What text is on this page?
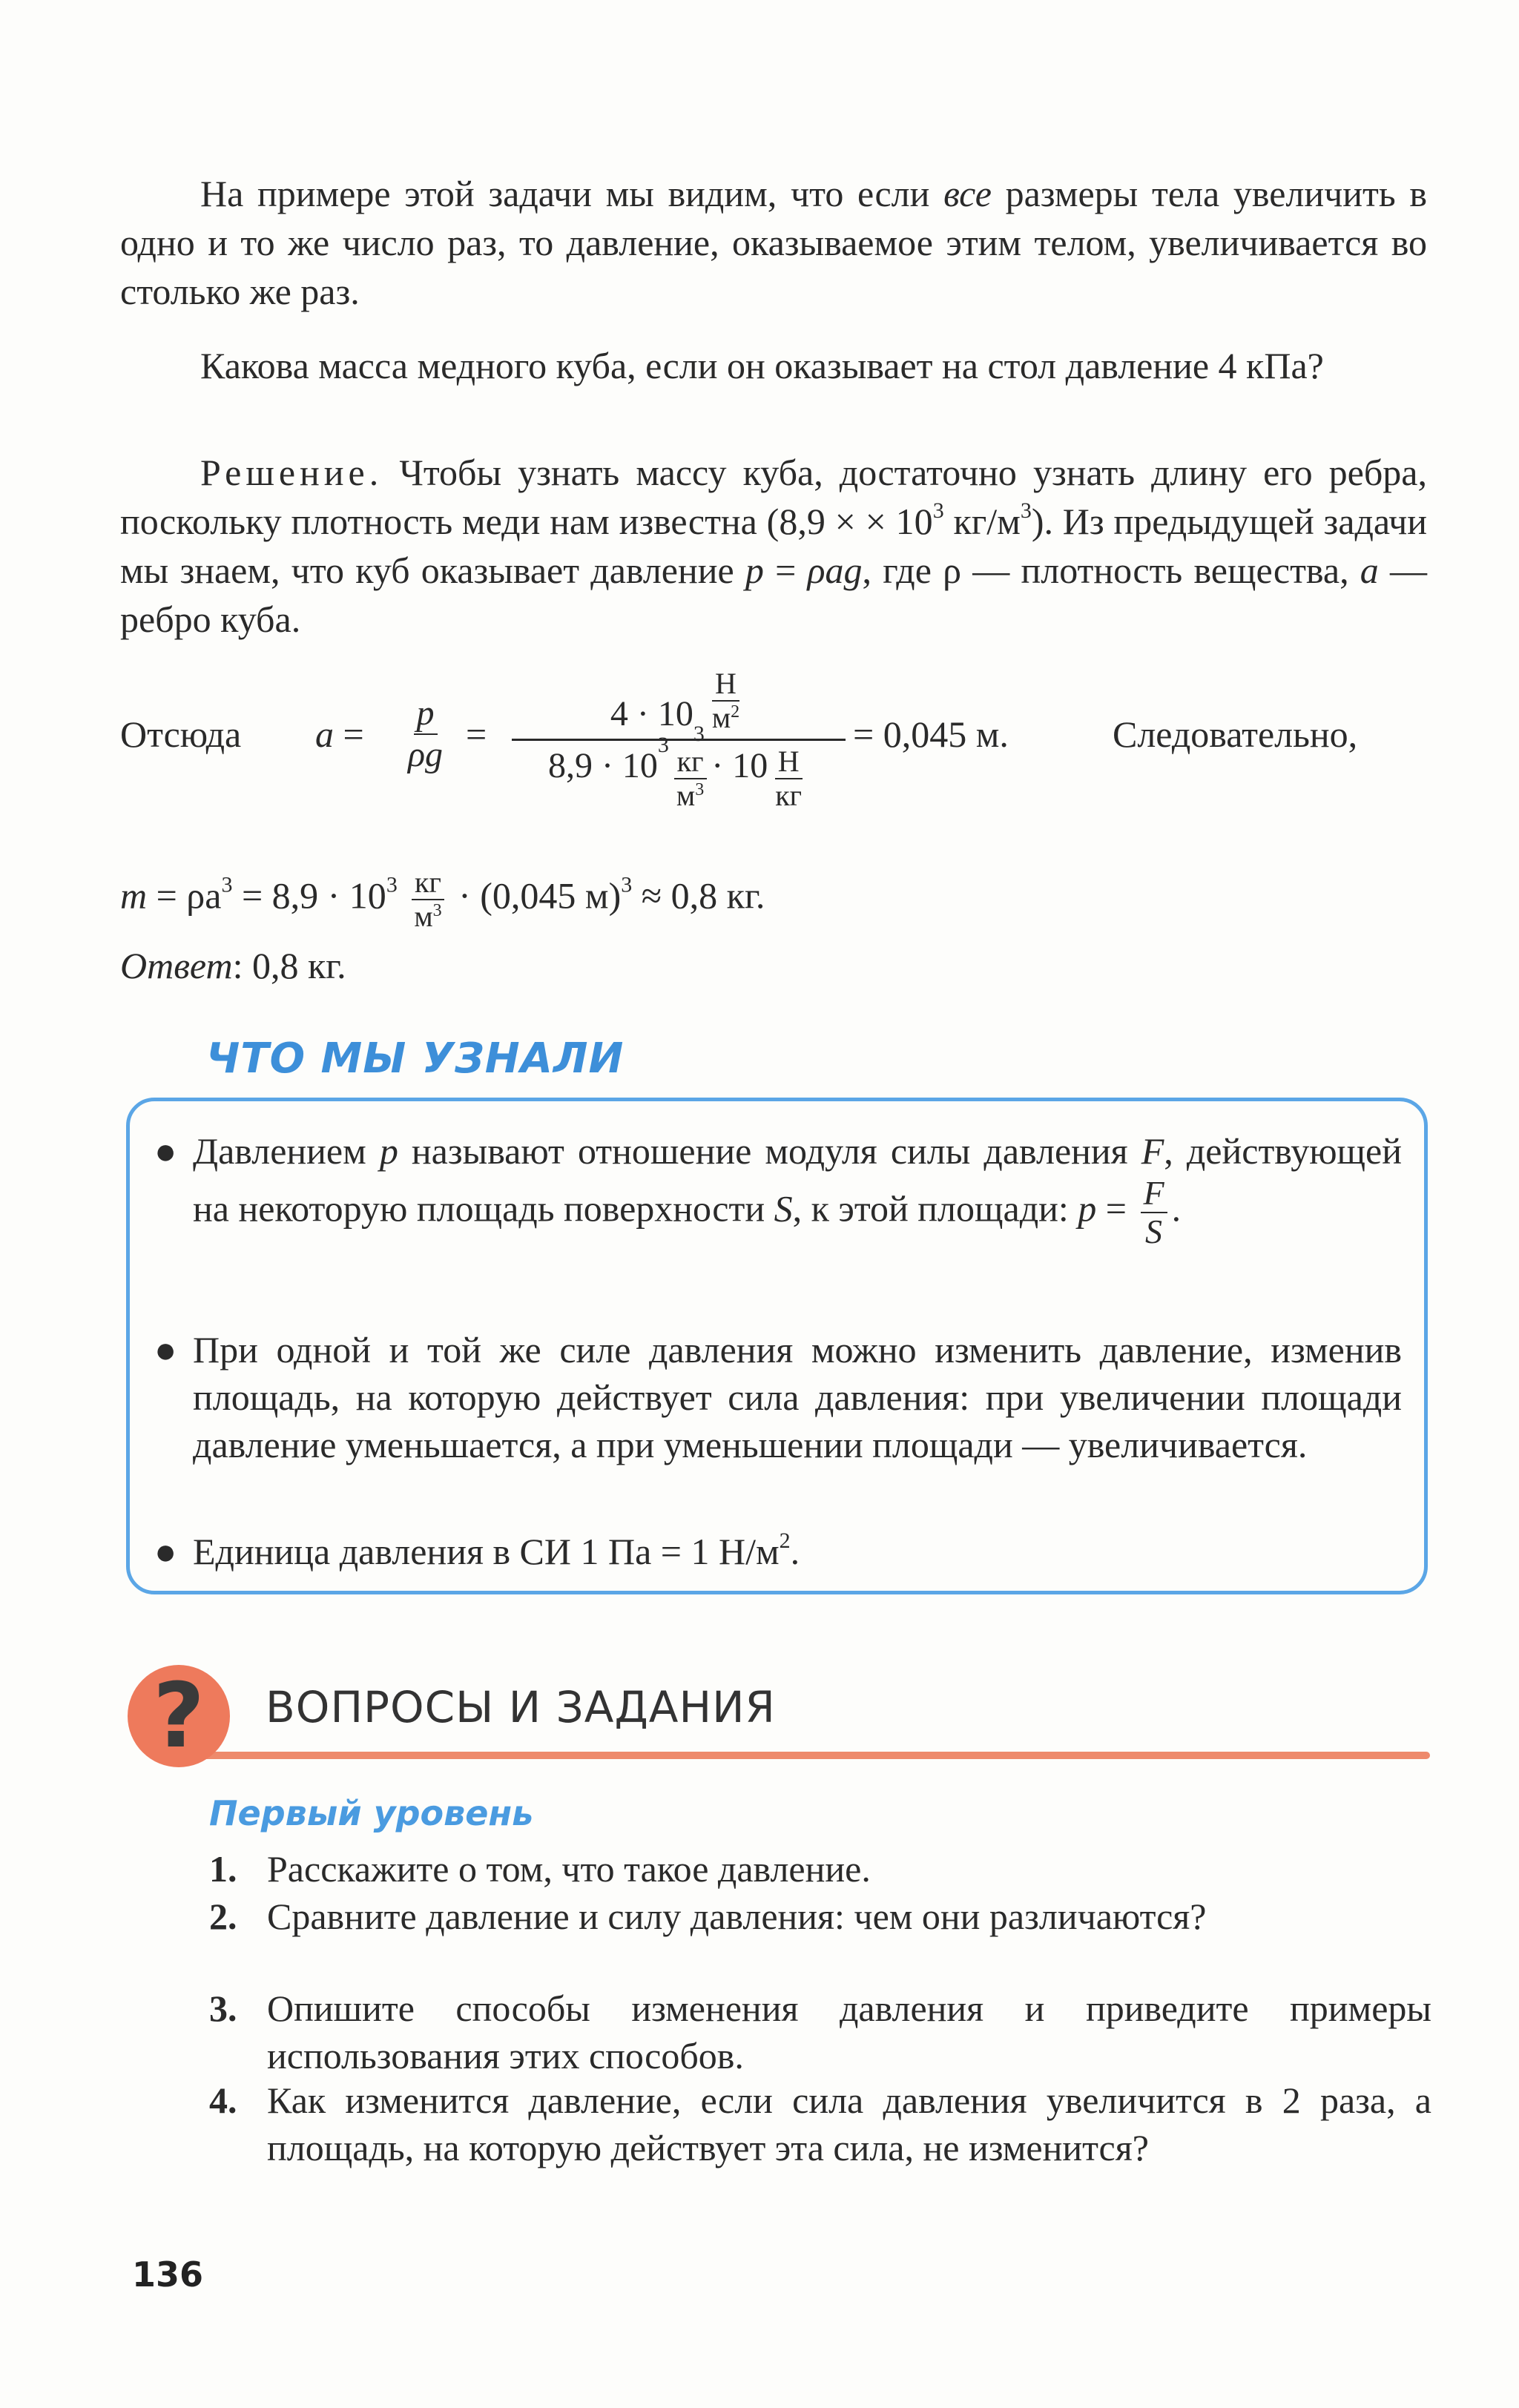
На примере этой задачи мы видим, что если все размеры тела увеличить в одно и то же число раз, то давление, оказываемое этим телом, увеличивается во столько же раз.
Какова масса медного куба, если он оказывает на стол давление 4 кПа?
Решение. Чтобы узнать массу куба, достаточно узнать длину его ребра, поскольку плотность меди нам известна (8,9 × × $10^3$ $кг/м^3$). Из предыдущей задачи мы знаем, что куб оказывает давление p = ρag, где ρ — плотность вещества, a — ребро куба.
Отсюда $a = \frac{p}{\rho g}$ =	4 · 10
$3 \frac{Н}{м^2}$
8,9 · 10
3
$\frac{кг}{м^3} \cdot 10 \frac{Н}{кг}$
= 0,045 м.	Следовательно,
$m = \rho a^3 = 8,9 \cdot 10^3 \frac{кг}{м^3} \cdot (0,045$ м)$^3$ ≈ 0,8 кг.
Ответ: 0,8 кг.
ЧТО МЫ УЗНАЛИ
● Давлением p называют отношение модуля силы давления F, действующей на некоторую площадь поверхности S, к этой площади: $p = \frac{F}{S}$ .
● При одной и той же силе давления можно изменить давление, изменив площадь, на которую действует сила давления: при увеличении площади давление уменьшается, а при уменьшении площади — увеличивается.
● Единица давления в СИ 1 Па = 1 $Н/м^2$.
?	ВОПРОСЫ И ЗАДАНИЯ
Первый уровень
1. Расскажите о том, что такое давление.
2. Сравните давление и силу давления: чем они различаются?
3. Опишите способы изменения давления и приведите примеры использования этих способов.
4. Как изменится давление, если сила давления увеличится в 2 раза, а площадь, на которую действует эта сила, не изменится?
136
